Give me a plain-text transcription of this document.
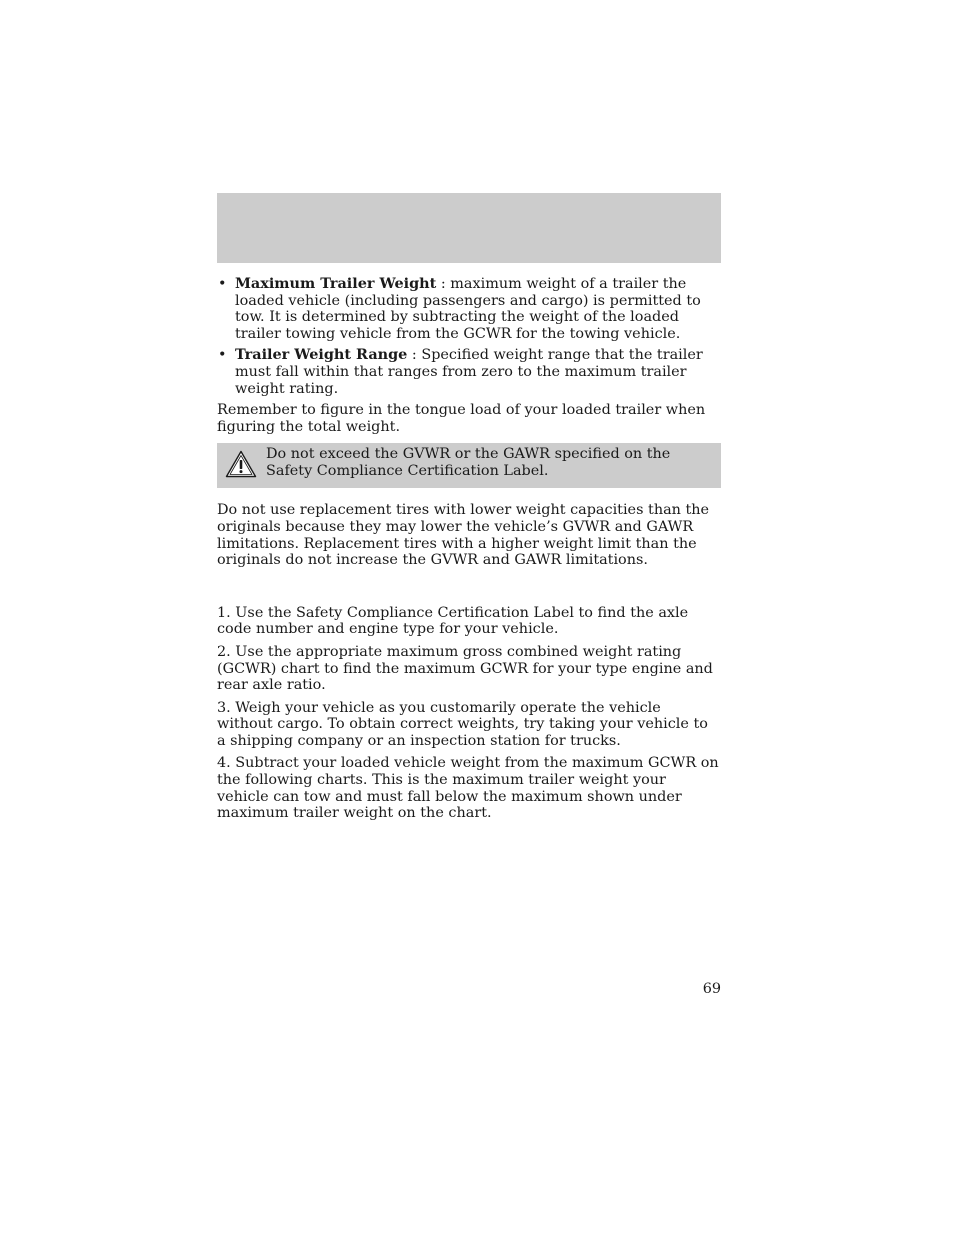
• Maximum Trailer Weight : maximum weight of a trailer the loaded vehicle (including passengers and cargo) is permitted to tow. It is determined by subtracting the weight of the loaded trailer towing vehicle from the GCWR for the towing vehicle.
• Trailer Weight Range : Specified weight range that the trailer must fall within that ranges from zero to the maximum trailer weight rating.

Remember to figure in the tongue load of your loaded trailer when figuring the total weight.

Do not exceed the GVWR or the GAWR specified on the Safety Compliance Certification Label.

Do not use replacement tires with lower weight capacities than the originals because they may lower the vehicle’s GVWR and GAWR limitations. Replacement tires with a higher weight limit than the originals do not increase the GVWR and GAWR limitations.

1. Use the Safety Compliance Certification Label to find the axle code number and engine type for your vehicle.

2. Use the appropriate maximum gross combined weight rating (GCWR) chart to find the maximum GCWR for your type engine and rear axle ratio.

3. Weigh your vehicle as you customarily operate the vehicle without cargo. To obtain correct weights, try taking your vehicle to a shipping company or an inspection station for trucks.

4. Subtract your loaded vehicle weight from the maximum GCWR on the following charts. This is the maximum trailer weight your vehicle can tow and must fall below the maximum shown under maximum trailer weight on the chart.

69
